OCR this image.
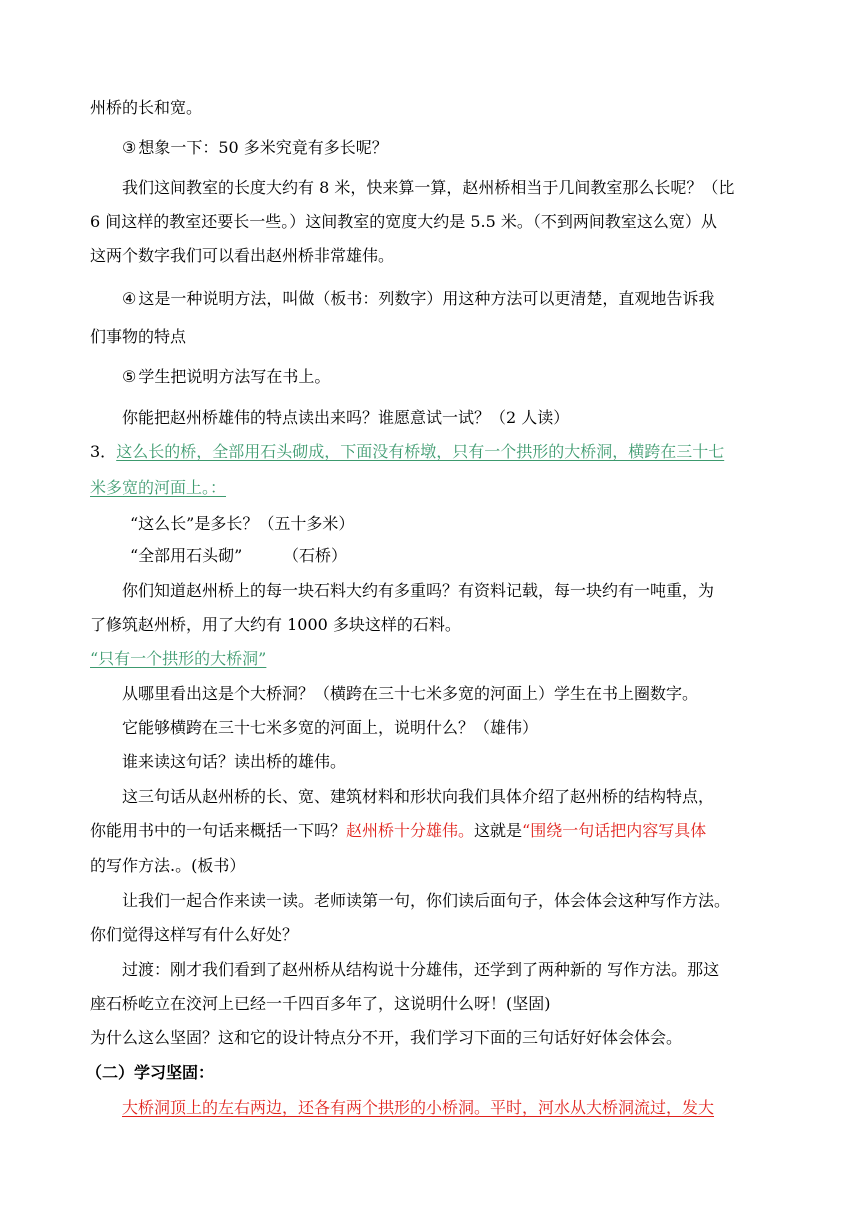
州桥的长和宽。
③ 想象一下：50 多米究竟有多长呢？
我们这间教室的长度大约有 8 米，快来算一算，赵州桥相当于几间教室那么长呢？（比
6 间这样的教室还要长一些。）这间教室的宽度大约是 5.5 米。（不到两间教室这么宽）从
这两个数字我们可以看出赵州桥非常雄伟。
④ 这是一种说明方法，叫做（板书：列数字）用这种方法可以更清楚，直观地告诉我
们事物的特点
⑤ 学生把说明方法写在书上。
你能把赵州桥雄伟的特点读出来吗？谁愿意试一试？（2 人读）
3．这么长的桥，全部用石头砌成，下面没有桥墩，只有一个拱形的大桥洞，横跨在三十七
米多宽的河面上。：
“这么长”是多长？（五十多米）
“全部用石头砌”        （石桥）
你们知道赵州桥上的每一块石料大约有多重吗？有资料记载，每一块约有一吨重，为
了修筑赵州桥，用了大约有 1000 多块这样的石料。
“只有一个拱形的大桥洞”
从哪里看出这是个大桥洞？（横跨在三十七米多宽的河面上）学生在书上圈数字。
它能够横跨在三十七米多宽的河面上，说明什么？（雄伟）
谁来读这句话？读出桥的雄伟。
这三句话从赵州桥的长、宽、建筑材料和形状向我们具体介绍了赵州桥的结构特点，
你能用书中的一句话来概括一下吗？赵州桥十分雄伟。这就是“围绕一句话把内容写具体
的写作方法.。(板书）
让我们一起合作来读一读。老师读第一句，你们读后面句子，体会体会这种写作方法。
你们觉得这样写有什么好处？
过渡：刚才我们看到了赵州桥从结构说十分雄伟，还学到了两种新的 写作方法。那这
座石桥屹立在洨河上已经一千四百多年了，这说明什么呀！(坚固)
为什么这么坚固？这和它的设计特点分不开，我们学习下面的三句话好好体会体会。
（二）学习坚固：
大桥洞顶上的左右两边，还各有两个拱形的小桥洞。平时，河水从大桥洞流过，发大
